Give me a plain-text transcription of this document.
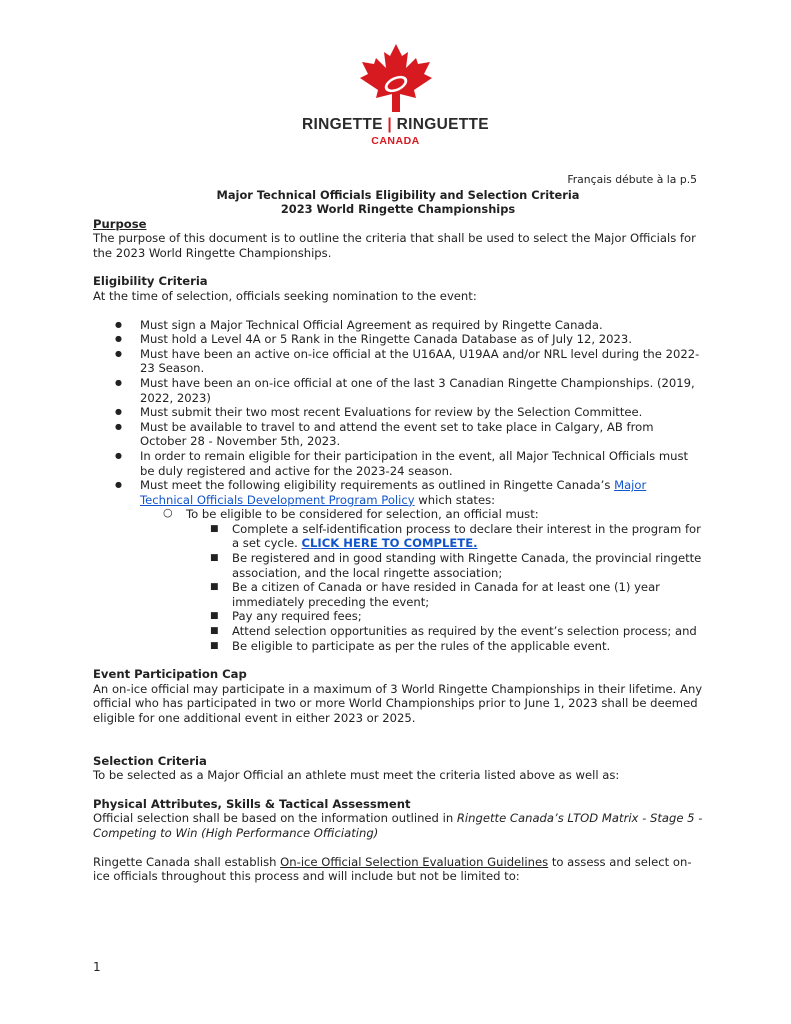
RINGETTE | RINGUETTE
CANADA
Français débute à la p.5
Major Technical Officials Eligibility and Selection Criteria
2023 World Ringette Championships
Purpose

The purpose of this document is to outline the criteria that shall be used to select the Major Officials for the 2023 World Ringette Championships.

Eligibility Criteria

At the time of selection, officials seeking nomination to the event:

● Must sign a Major Technical Official Agreement as required by Ringette Canada.
● Must hold a Level 4A or 5 Rank in the Ringette Canada Database as of July 12, 2023.
● Must have been an active on-ice official at the U16AA, U19AA and/or NRL level during the 2022-23 Season.
● Must have been an on-ice official at one of the last 3 Canadian Ringette Championships. (2019, 2022, 2023)
● Must submit their two most recent Evaluations for review by the Selection Committee.
● Must be available to travel to and attend the event set to take place in Calgary, AB from October 28 - November 5th, 2023.
● In order to remain eligible for their participation in the event, all Major Technical Officials must be duly registered and active for the 2023-24 season.
● Must meet the following eligibility requirements as outlined in Ringette Canada’s Major Technical Officials Development Program Policy which states:
○ To be eligible to be considered for selection, an official must:
■ Complete a self-identification process to declare their interest in the program for a set cycle. CLICK HERE TO COMPLETE.
■ Be registered and in good standing with Ringette Canada, the provincial ringette association, and the local ringette association;
■ Be a citizen of Canada or have resided in Canada for at least one (1) year immediately preceding the event;
■ Pay any required fees;
■ Attend selection opportunities as required by the event’s selection process; and
■ Be eligible to participate as per the rules of the applicable event.
Event Participation Cap

An on-ice official may participate in a maximum of 3 World Ringette Championships in their lifetime. Any official who has participated in two or more World Championships prior to June 1, 2023 shall be deemed eligible for one additional event in either 2023 or 2025.

Selection Criteria

To be selected as a Major Official an athlete must meet the criteria listed above as well as:

Physical Attributes, Skills & Tactical Assessment

Official selection shall be based on the information outlined in Ringette Canada’s LTOD Matrix - Stage 5 - Competing to Win (High Performance Officiating)

Ringette Canada shall establish On-ice Official Selection Evaluation Guidelines to assess and select on-ice officials throughout this process and will include but not be limited to:

1
